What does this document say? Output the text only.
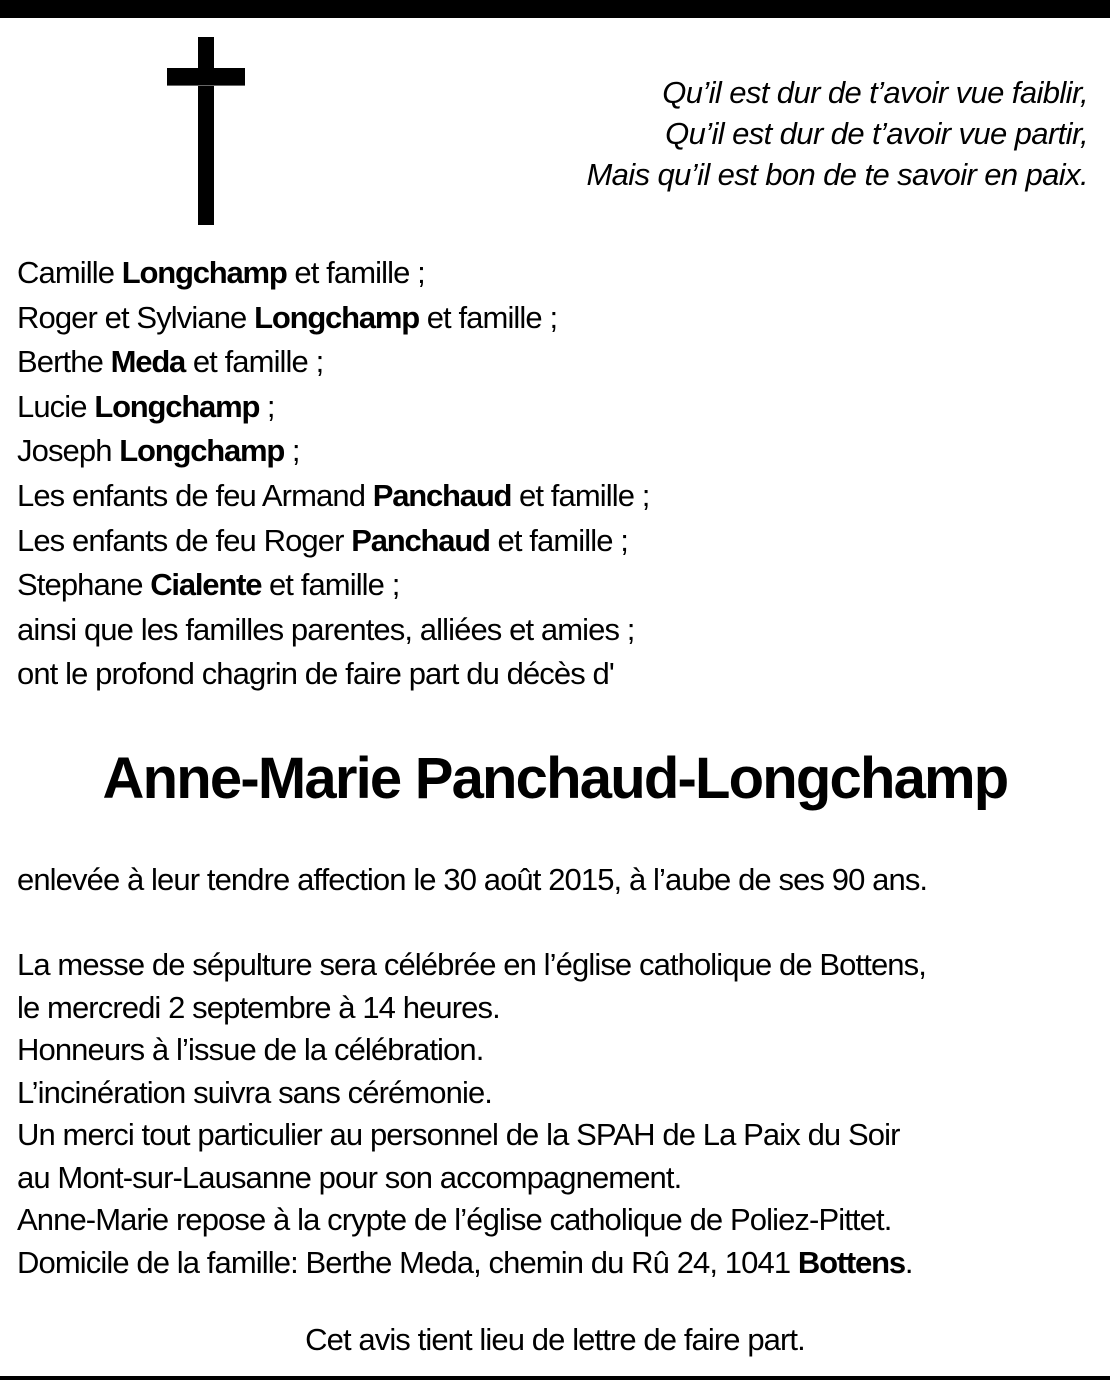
Qu’il est dur de t’avoir vue faiblir,
Qu’il est dur de t’avoir vue partir,
Mais qu’il est bon de te savoir en paix.
Camille Longchamp et famille ;
Roger et Sylviane Longchamp et famille ;
Berthe Meda et famille ;
Lucie Longchamp ;
Joseph Longchamp ;
Les enfants de feu Armand Panchaud et famille ;
Les enfants de feu Roger Panchaud et famille ;
Stephane Cialente et famille ;
ainsi que les familles parentes, alliées et amies ;
ont le profond chagrin de faire part du décès d'
Anne-Marie Panchaud-Longchamp
enlevée à leur tendre affection le 30 août 2015, à l’aube de ses 90 ans.
La messe de sépulture sera célébrée en l’église catholique de Bottens,
le mercredi 2 septembre à 14 heures.
Honneurs à l’issue de la célébration.
L’incinération suivra sans cérémonie.
Un merci tout particulier au personnel de la SPAH de La Paix du Soir
au Mont-sur-Lausanne pour son accompagnement.
Anne-Marie repose à la crypte de l’église catholique de Poliez-Pittet.
Domicile de la famille: Berthe Meda, chemin du Rû 24, 1041 Bottens.
Cet avis tient lieu de lettre de faire part.
